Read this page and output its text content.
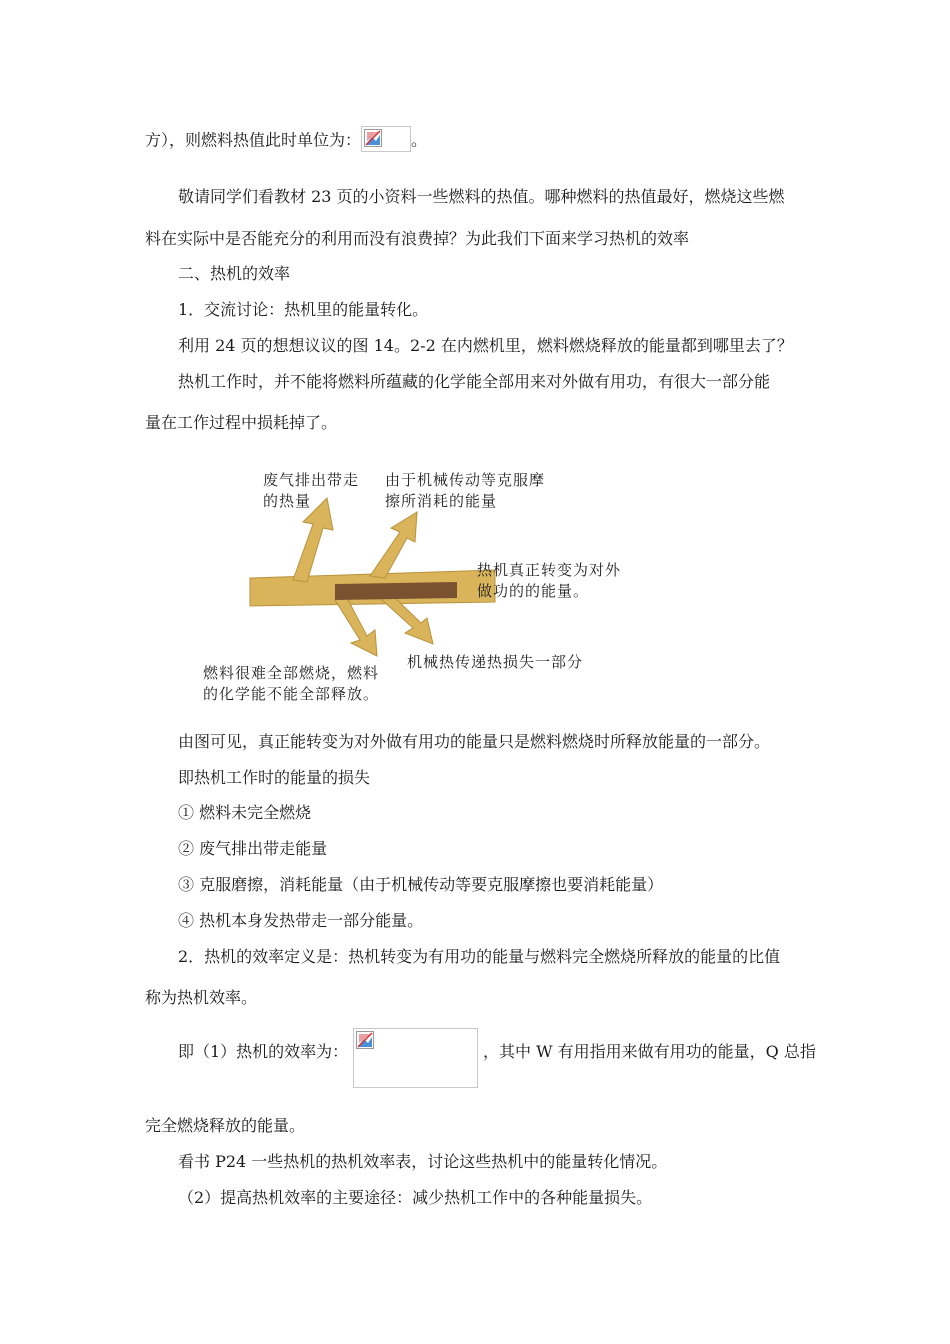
方），则燃料热值此时单位为：	。
敬请同学们看教材 23 页的小资料一些燃料的热值。哪种燃料的热值最好，燃烧这些燃
料在实际中是否能充分的利用而没有浪费掉？为此我们下面来学习热机的效率
二、热机的效率
1．交流讨论：热机里的能量转化。
利用 24 页的想想议议的图 14。2-2 在内燃机里，燃料燃烧释放的能量都到哪里去了？
热机工作时，并不能将燃料所蕴藏的化学能全部用来对外做有用功，有很大一部分能
量在工作过程中损耗掉了。
废气排出带走
的热量
由于机械传动等克服摩
擦所消耗的能量
热机真正转变为对外
做功的的能量。
机械热传递热损失一部分
燃料很难全部燃烧，燃料
的化学能不能全部释放。
由图可见，真正能转变为对外做有用功的能量只是燃料燃烧时所释放能量的一部分。
即热机工作时的能量的损失
① 燃料未完全燃烧
② 废气排出带走能量
③ 克服磨擦，消耗能量（由于机械传动等要克服摩擦也要消耗能量）
④ 热机本身发热带走一部分能量。
2．热机的效率定义是：热机转变为有用功的能量与燃料完全燃烧所释放的能量的比值
称为热机效率。
即（1）热机的效率为：	，其中 W 有用指用来做有用功的能量，Q 总指
完全燃烧释放的能量。
看书 P24 一些热机的热机效率表，讨论这些热机中的能量转化情况。
（2）提高热机效率的主要途径：减少热机工作中的各种能量损失。
